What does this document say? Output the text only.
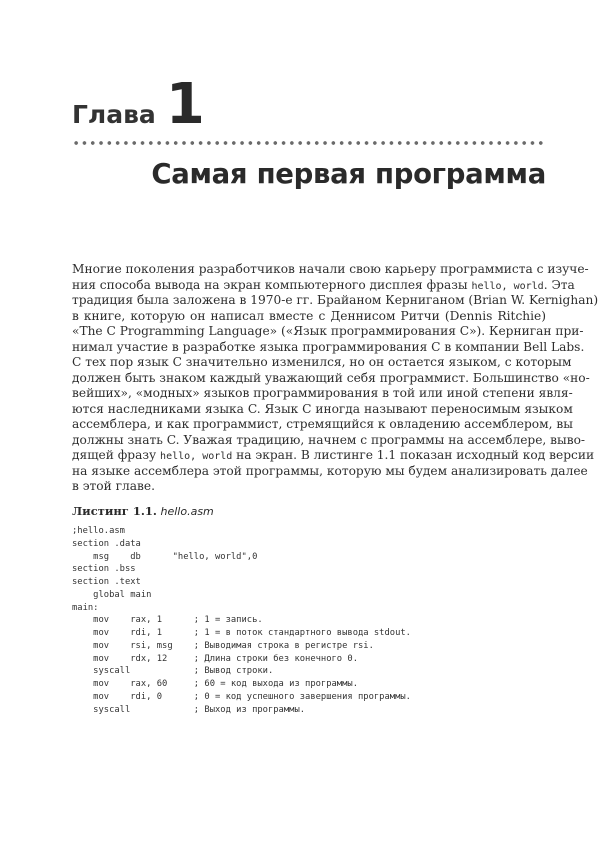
Глава 1
Самая первая программа
Многие поколения разработчиков начали свою карьеру программиста с изуче-
ния способа вывода на экран компьютерного дисплея фразы hello, world. Эта
традиция была заложена в 1970-е гг. Брайаном Керниганом (Brian W. Kernighan)
в книге, которую он написал вместе с Деннисом Ритчи (Dennis Ritchie)
«The C Programming Language» («Язык программирования C»). Керниган при-
нимал участие в разработке языка программирования C в компании Bell Labs.
С тех пор язык C значительно изменился, но он остается языком, с которым
должен быть знаком каждый уважающий себя программист. Большинство «но-
вейших», «модных» языков программирования в той или иной степени явля-
ются наследниками языка C. Язык C иногда называют переносимым языком
ассемблера, и как программист, стремящийся к овладению ассемблером, вы
должны знать C. Уважая традицию, начнем с программы на ассемблере, выво-
дящей фразу hello, world на экран. В листинге 1.1 показан исходный код версии
на языке ассемблера этой программы, которую мы будем анализировать далее
в этой главе.
Листинг 1.1. hello.asm
;hello.asm
section .data
msg    db      "hello, world",0
section .bss
section .text
global main
main:
mov    rax, 1      ; 1 = запись.
mov    rdi, 1      ; 1 = в поток стандартного вывода stdout.
mov    rsi, msg    ; Выводимая строка в регистре rsi.
mov    rdx, 12     ; Длина строки без конечного 0.
syscall            ; Вывод строки.
mov    rax, 60     ; 60 = код выхода из программы.
mov    rdi, 0      ; 0 = код успешного завершения программы.
syscall            ; Выход из программы.
